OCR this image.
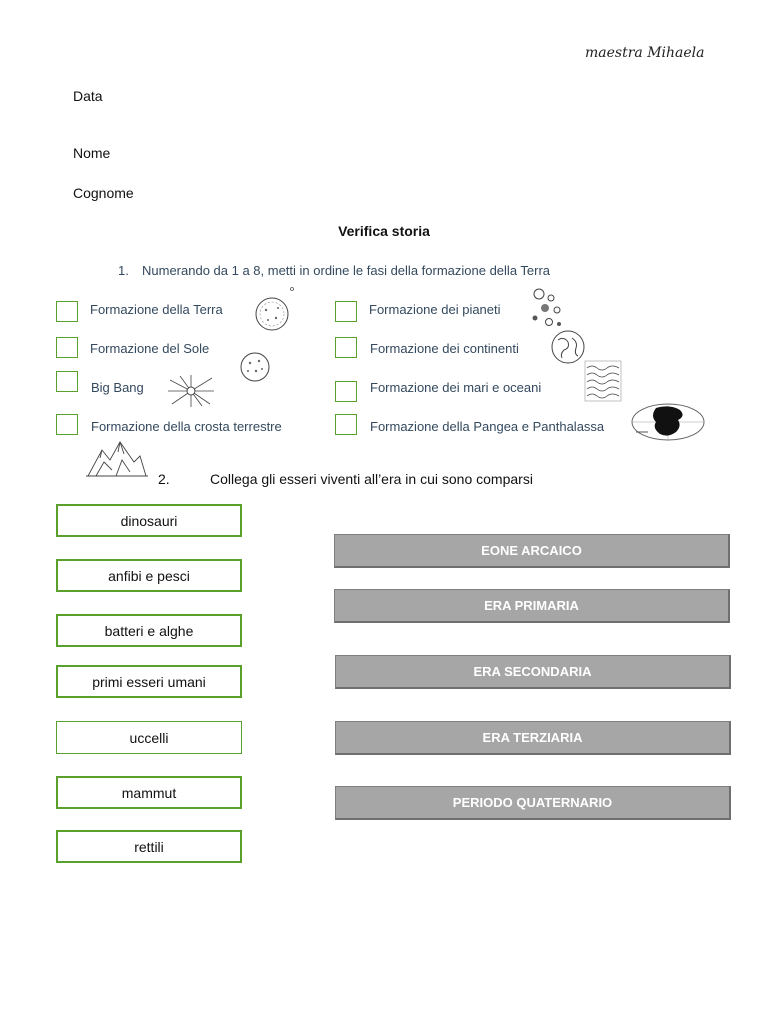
maestra Mihaela
Data
Nome
Cognome
Verifica storia
1. Numerando da 1 a 8, metti in ordine le fasi della formazione della Terra
Formazione della Terra
Formazione del Sole
Big Bang
Formazione della crosta terrestre
Formazione dei pianeti
Formazione dei continenti
Formazione dei mari e oceani
Formazione della Pangea e Panthalassa
2.	Collega gli esseri viventi all’era in cui sono comparsi
dinosauri
anfibi e pesci
batteri e alghe
primi esseri umani
uccelli
mammut
rettili
EONE ARCAICO
ERA PRIMARIA
ERA SECONDARIA
ERA TERZIARIA
PERIODO QUATERNARIO
